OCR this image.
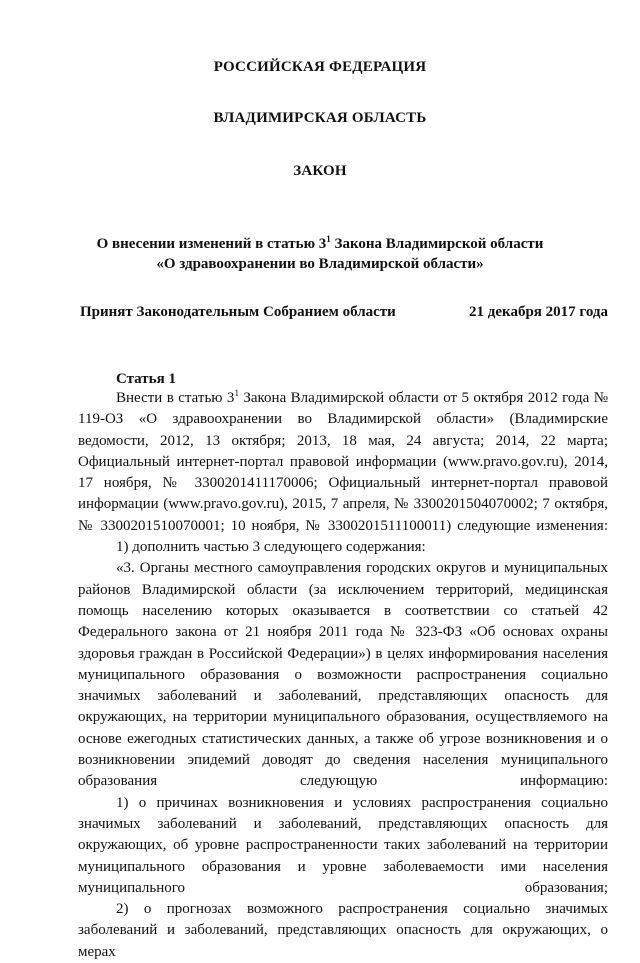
РОССИЙСКАЯ ФЕДЕРАЦИЯ
ВЛАДИМИРСКАЯ ОБЛАСТЬ
ЗАКОН
О внесении изменений в статью $3^1$ Закона Владимирской области
«О здравоохранении во Владимирской области»
Принят Законодательным Собранием области	21 декабря 2017 года
Статья 1

Внести в статью $3^1$ Закона Владимирской области от 5 октября 2012 года № 119-ОЗ «О здравоохранении во Владимирской области» (Владимирские ведомости, 2012, 13 октября; 2013, 18 мая, 24 августа; 2014, 22 марта; Официальный интернет-портал правовой информации (www.pravo.gov.ru), 2014, 17 ноября, № 3300201411170006; Официальный интернет-портал правовой информации (www.pravo.gov.ru), 2015, 7 апреля, № 3300201504070002; 7 октября, № 3300201510070001; 10 ноября, № 3300201511100011) следующие изменения:

1) дополнить частью 3 следующего содержания:

«3. Органы местного самоуправления городских округов и муниципальных районов Владимирской области (за исключением территорий, медицинская помощь населению которых оказывается в соответствии со статьей 42 Федерального закона от 21 ноября 2011 года № 323-ФЗ «Об основах охраны здоровья граждан в Российской Федерации») в целях информирования населения муниципального образования о возможности распространения социально значимых заболеваний и заболеваний, представляющих опасность для окружающих, на территории муниципального образования, осуществляемого на основе ежегодных статистических данных, а также об угрозе возникновения и о возникновении эпидемий доводят до сведения населения муниципального образования следующую информацию:

1) о причинах возникновения и условиях распространения социально значимых заболеваний и заболеваний, представляющих опасность для окружающих, об уровне распространенности таких заболеваний на территории муниципального образования и уровне заболеваемости ими населения муниципального образования;

2) о прогнозах возможного распространения социально значимых заболеваний и заболеваний, представляющих опасность для окружающих, о мерах
